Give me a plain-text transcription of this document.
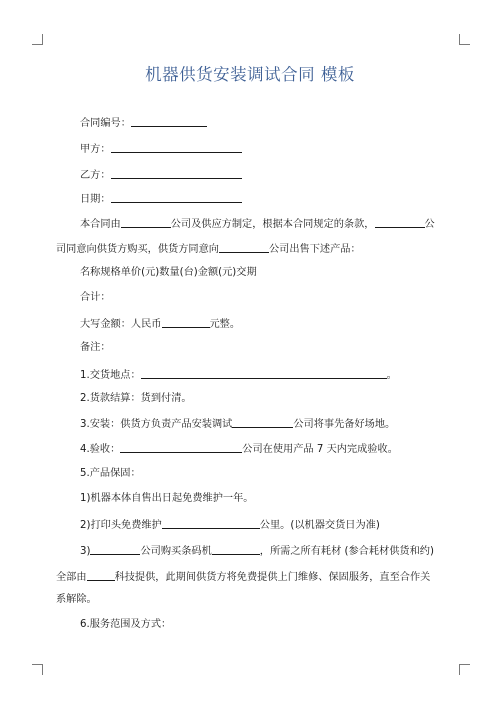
机器供货安装调试合同 模板
合同编号：
甲方：
乙方：
日期：
本合同由	公司及供应方制定，根据本合同规定的条款，	公
司同意向供货方购买，供货方同意向	公司出售下述产品：
名称规格单价(元)数量(台)金额(元)交期
合计：
大写金额：人民币	元整。
备注：
1.交货地点：	。
2.货款结算：货到付清。
3.安装：供货方负责产品安装调试	公司将事先备好场地。
4.验收：	公司在使用产品 7 天内完成验收。
5.产品保固：
1)机器本体自售出日起免费维护一年。
2)打印头免费维护	公里。(以机器交货日为准)
3)	公司购买条码机	，所需之所有耗材 (参合耗材供货和约)
全部由	科技提供，此期间供货方将免费提供上门维修、保固服务，直至合作关
系解除。
6.服务范围及方式：
